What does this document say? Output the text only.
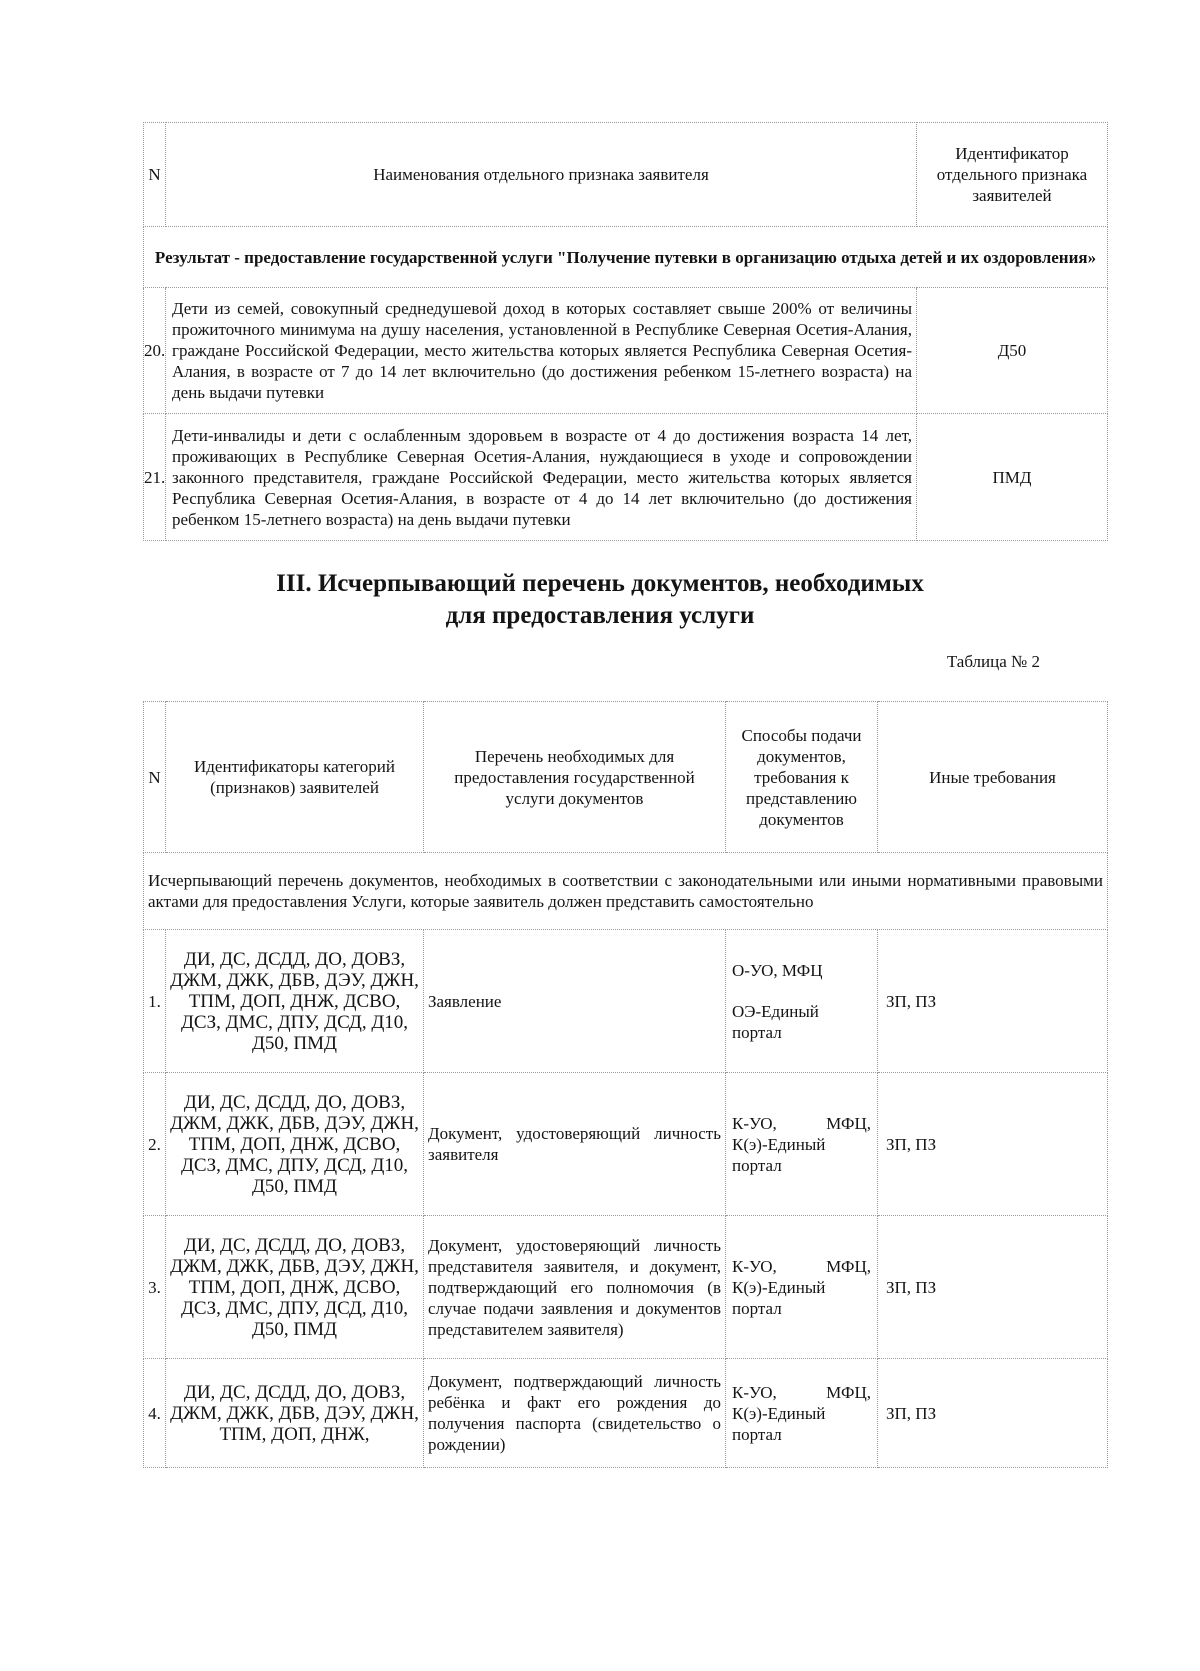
N	Наименования отдельного признака заявителя	Идентификатор отдельного признака заявителей
Результат - предоставление государственной услуги "Получение путевки в организацию отдыха детей и их оздоровления»		
20.	Дети из семей, совокупный среднедушевой доход в которых составляет свыше 200% от величины прожиточного минимума на душу населения, установленной в Республике Северная Осетия-Алания, граждане Российской Федерации, место жительства которых является Республика Северная Осетия-Алания, в возрасте от 7 до 14 лет включительно (до достижения ребенком 15-летнего возраста) на день выдачи путевки	Д50
21.	Дети-инвалиды и дети с ослабленным здоровьем в возрасте от 4 до достижения возраста 14 лет, проживающих в Республике Северная Осетия-Алания, нуждающиеся в уходе и сопровождении законного представителя, граждане Российской Федерации, место жительства которых является Республика Северная Осетия-Алания, в возрасте от 4 до 14 лет включительно (до достижения ребенком 15-летнего возраста) на день выдачи путевки	ПМД
III. Исчерпывающий перечень документов, необходимых
для предоставления услуги
Таблица № 2
N	Идентификаторы категорий (признаков) заявителей	Перечень необходимых для предоставления государственной услуги документов	Способы подачи документов, требования к представлению документов	Иные требования
Исчерпывающий перечень документов, необходимых в соответствии с законодательными или иными нормативными правовыми актами для предоставления Услуги, которые заявитель должен представить самостоятельно				
1.	ДИ, ДС, ДСДД, ДО, ДОВЗ, ДЖМ, ДЖК, ДБВ, ДЭУ, ДЖН, ТПМ, ДОП, ДНЖ, ДСВО, ДСЗ, ДМС, ДПУ, ДСД, Д10, Д50, ПМД	Заявление	О-УО, МФЦ
ОЭ-Единый портал	ЗП, ПЗ
2.	ДИ, ДС, ДСДД, ДО, ДОВЗ, ДЖМ, ДЖК, ДБВ, ДЭУ, ДЖН, ТПМ, ДОП, ДНЖ, ДСВО, ДСЗ, ДМС, ДПУ, ДСД, Д10, Д50, ПМД	Документ, удостоверяющий личность заявителя	К-УО, МФЦ,
К(э)-Единый портал	ЗП, ПЗ
3.	ДИ, ДС, ДСДД, ДО, ДОВЗ, ДЖМ, ДЖК, ДБВ, ДЭУ, ДЖН, ТПМ, ДОП, ДНЖ, ДСВО, ДСЗ, ДМС, ДПУ, ДСД, Д10, Д50, ПМД	Документ, удостоверяющий личность представителя заявителя, и документ, подтверждающий его полномочия (в случае подачи заявления и документов представителем заявителя)	К-УО, МФЦ,
К(э)-Единый портал	ЗП, ПЗ
4.	ДИ, ДС, ДСДД, ДО, ДОВЗ, ДЖМ, ДЖК, ДБВ, ДЭУ, ДЖН, ТПМ, ДОП, ДНЖ,	Документ, подтверждающий личность ребёнка и факт его рождения до получения паспорта (свидетельство о рождении)	К-УО, МФЦ,
К(э)-Единый портал	ЗП, ПЗ
